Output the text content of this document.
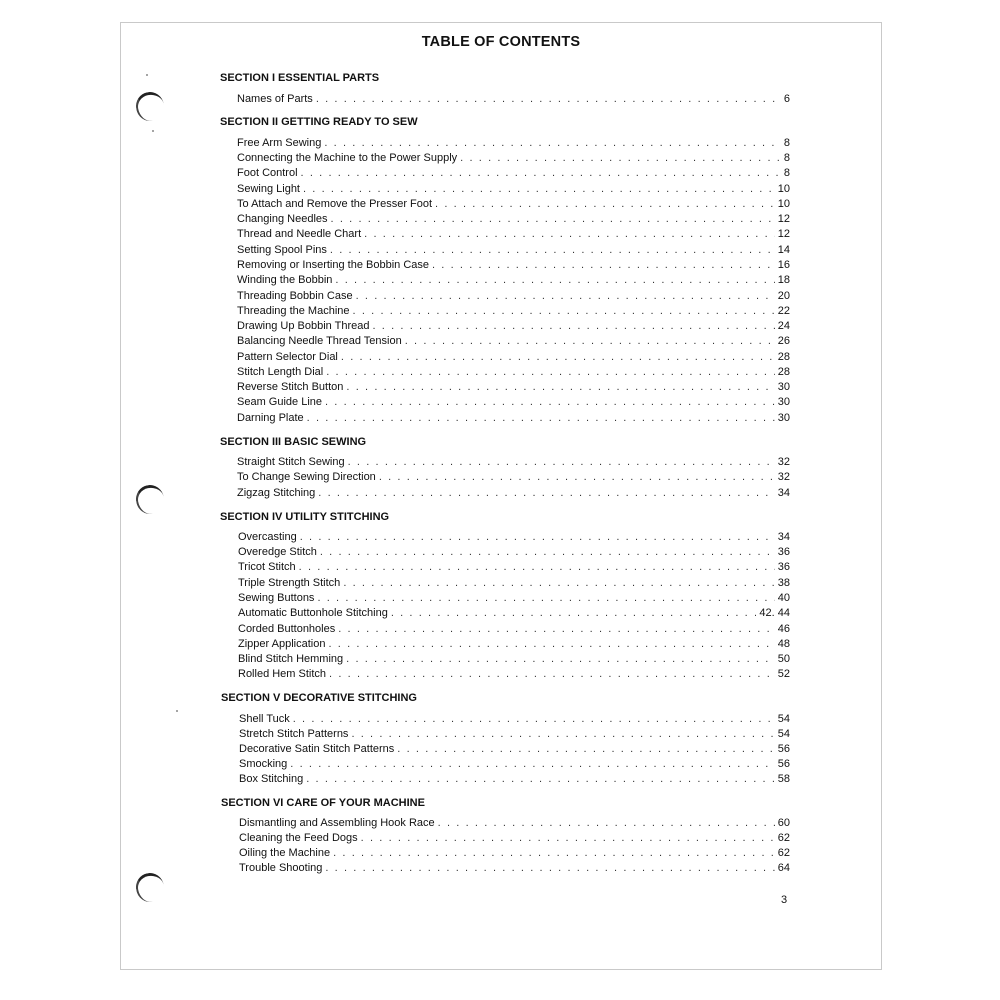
TABLE OF CONTENTS
SECTION I ESSENTIAL PARTS
Names of Parts . . .	6
SECTION II GETTING READY TO SEW
Free Arm Sewing . . .	8
Connecting the Machine to the Power Supply . . .	8
Foot Control . . .	8
Sewing Light . . .	10
To Attach and Remove the Presser Foot . . .	10
Changing Needles . . .	12
Thread and Needle Chart . . .	12
Setting Spool Pins . . .	14
Removing or Inserting the Bobbin Case . . .	16
Winding the Bobbin . . .	18
Threading Bobbin Case . . .	20
Threading the Machine . . .	22
Drawing Up Bobbin Thread . . .	24
Balancing Needle Thread Tension . . .	26
Pattern Selector Dial . . .	28
Stitch Length Dial . . .	28
Reverse Stitch Button . . .	30
Seam Guide Line . . .	30
Darning Plate . . .	30
SECTION III BASIC SEWING
Straight Stitch Sewing . . .	32
To Change Sewing Direction . . .	32
Zigzag Stitching . . .	34
SECTION IV UTILITY STITCHING
Overcasting . . .	34
Overedge Stitch . . .	36
Tricot Stitch . . .	36
Triple Strength Stitch . . .	38
Sewing Buttons . . .	40
Automatic Buttonhole Stitching . . .	42. 44
Corded Buttonholes . . .	46
Zipper Application . . .	48
Blind Stitch Hemming . . .	50
Rolled Hem Stitch . . .	52
SECTION V DECORATIVE STITCHING
Shell Tuck . . .	54
Stretch Stitch Patterns . . .	54
Decorative Satin Stitch Patterns . . .	56
Smocking . . .	56
Box Stitching . . .	58
SECTION VI CARE OF YOUR MACHINE
Dismantling and Assembling Hook Race . . .	60
Cleaning the Feed Dogs . . .	62
Oiling the Machine . . .	62
Trouble Shooting . . .	64
3
